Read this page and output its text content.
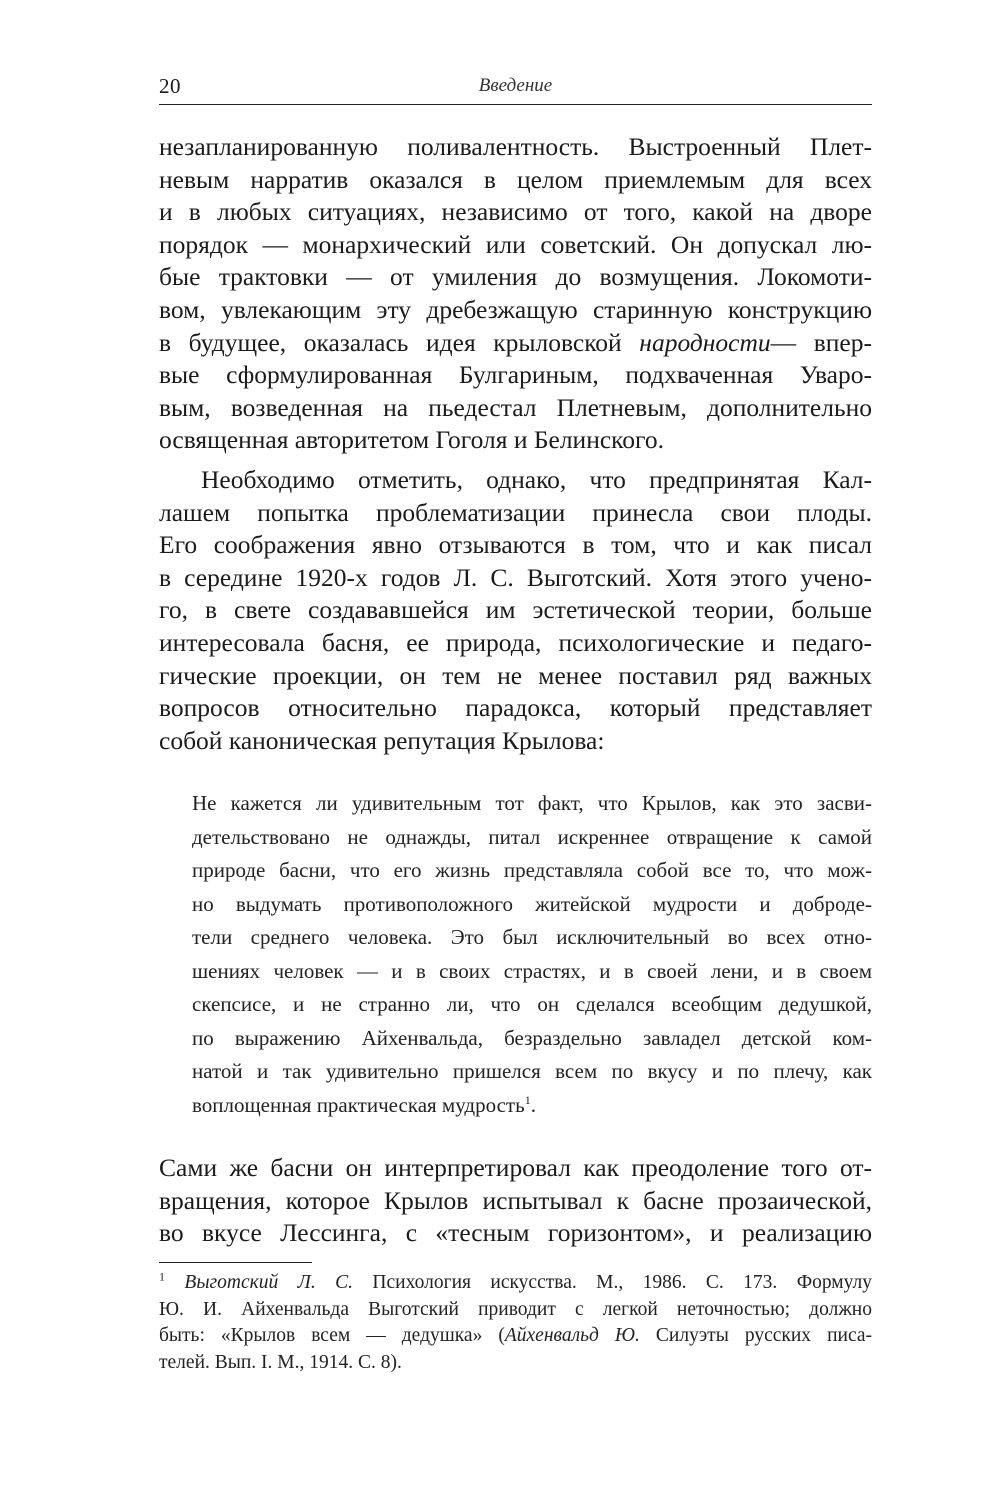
20	Введение
незапланированную поливалентность. Выстроенный Плет-
невым нарратив оказался в целом приемлемым для всех
и в любых ситуациях, независимо от того, какой на дворе
порядок — монархический или советский. Он допускал лю-
бые трактовки — от умиления до возмущения. Локомоти-
вом, увлекающим эту дребезжащую старинную конструкцию
в будущее, оказалась идея крыловской народности— впер-
вые сформулированная Булгариным, подхваченная Уваро-
вым, возведенная на пьедестал Плетневым, дополнительно
освященная авторитетом Гоголя и Белинского.
Необходимо отметить, однако, что предпринятая Кал-
лашем попытка проблематизации принесла свои плоды.
Его соображения явно отзываются в том, что и как писал
в середине 1920-х годов Л. С. Выготский. Хотя этого учено-
го, в свете создававшейся им эстетической теории, больше
интересовала басня, ее природа, психологические и педаго-
гические проекции, он тем не менее поставил ряд важных
вопросов относительно парадокса, который представляет
собой каноническая репутация Крылова:
Не кажется ли удивительным тот факт, что Крылов, как это засви-
детельствовано не однажды, питал искреннее отвращение к самой
природе басни, что его жизнь представляла собой все то, что мож-
но выдумать противоположного житейской мудрости и доброде-
тели среднего человека. Это был исключительный во всех отно-
шениях человек — и в своих страстях, и в своей лени, и в своем
скепсисе, и не странно ли, что он сделался всеобщим дедушкой,
по выражению Айхенвальда, безраздельно завладел детской ком-
натой и так удивительно пришелся всем по вкусу и по плечу, как
воплощенная практическая мудрость$^1$.
Сами же басни он интерпретировал как преодоление того от-
вращения, которое Крылов испытывал к басне прозаической,
во вкусе Лессинга, с «тесным горизонтом», и реализацию
$^1$ Выготский Л. С. Психология искусства. М., 1986. С. 173. Формулу
Ю. И. Айхенвальда Выготский приводит с легкой неточностью; должно
быть: «Крылов всем — дедушка» (Айхенвальд Ю. Силуэты русских писа-
телей. Вып. I. М., 1914. С. 8).
